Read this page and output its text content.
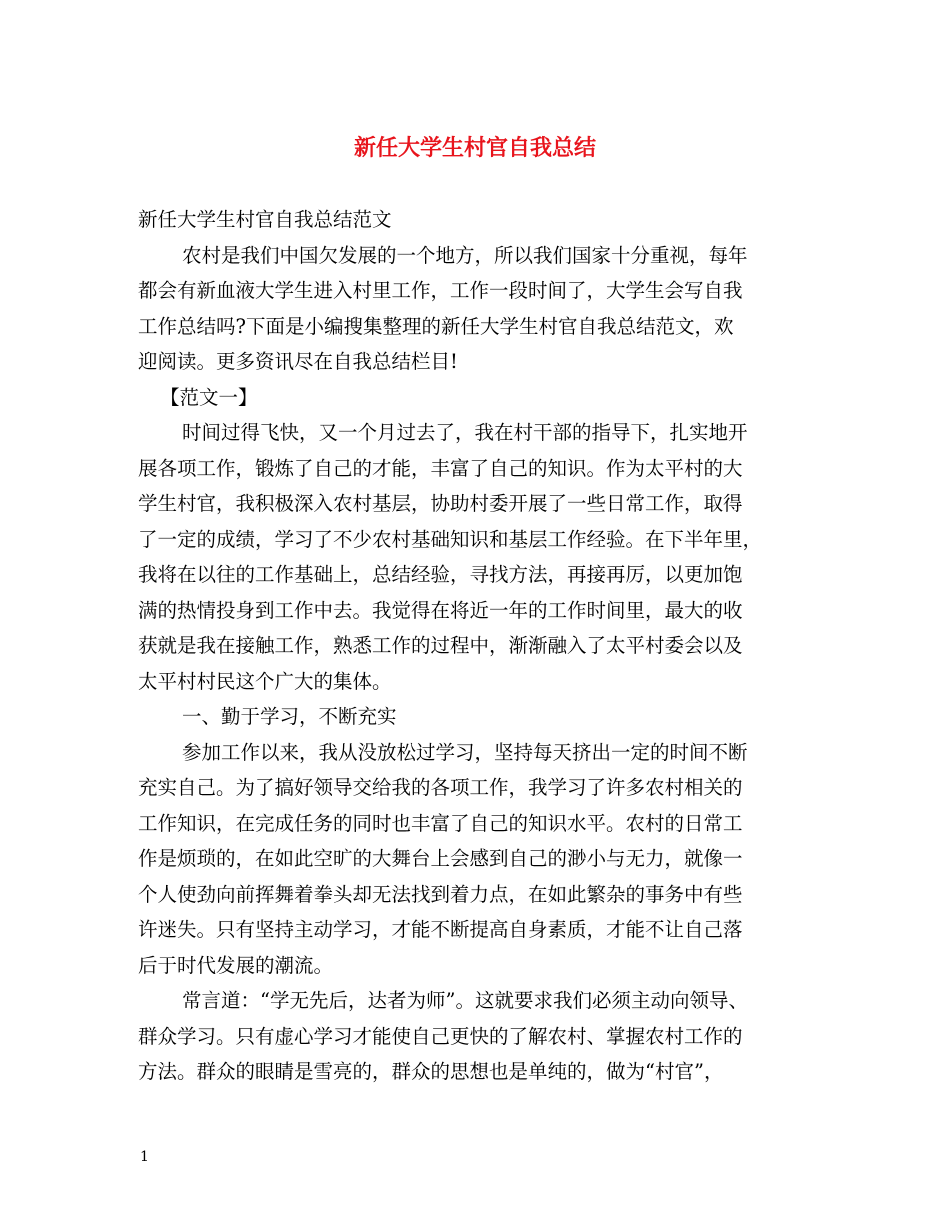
新任大学生村官自我总结
新任大学生村官自我总结范文
农村是我们中国欠发展的一个地方，所以我们国家十分重视，每年
都会有新血液大学生进入村里工作，工作一段时间了，大学生会写自我
工作总结吗?下面是小编搜集整理的新任大学生村官自我总结范文，欢
迎阅读。更多资讯尽在自我总结栏目!
【范文一】
时间过得飞快，又一个月过去了，我在村干部的指导下，扎实地开
展各项工作，锻炼了自己的才能，丰富了自己的知识。作为太平村的大
学生村官，我积极深入农村基层，协助村委开展了一些日常工作，取得
了一定的成绩，学习了不少农村基础知识和基层工作经验。在下半年里，
我将在以往的工作基础上，总结经验，寻找方法，再接再厉，以更加饱
满的热情投身到工作中去。我觉得在将近一年的工作时间里，最大的收
获就是我在接触工作，熟悉工作的过程中，渐渐融入了太平村委会以及
太平村村民这个广大的集体。
一、勤于学习，不断充实
参加工作以来，我从没放松过学习，坚持每天挤出一定的时间不断
充实自己。为了搞好领导交给我的各项工作，我学习了许多农村相关的
工作知识，在完成任务的同时也丰富了自己的知识水平。农村的日常工
作是烦琐的，在如此空旷的大舞台上会感到自己的渺小与无力，就像一
个人使劲向前挥舞着拳头却无法找到着力点，在如此繁杂的事务中有些
许迷失。只有坚持主动学习，才能不断提高自身素质，才能不让自己落
后于时代发展的潮流。
常言道：“学无先后，达者为师”。这就要求我们必须主动向领导、
群众学习。只有虚心学习才能使自己更快的了解农村、掌握农村工作的
方法。群众的眼睛是雪亮的，群众的思想也是单纯的，做为“村官”，
1
